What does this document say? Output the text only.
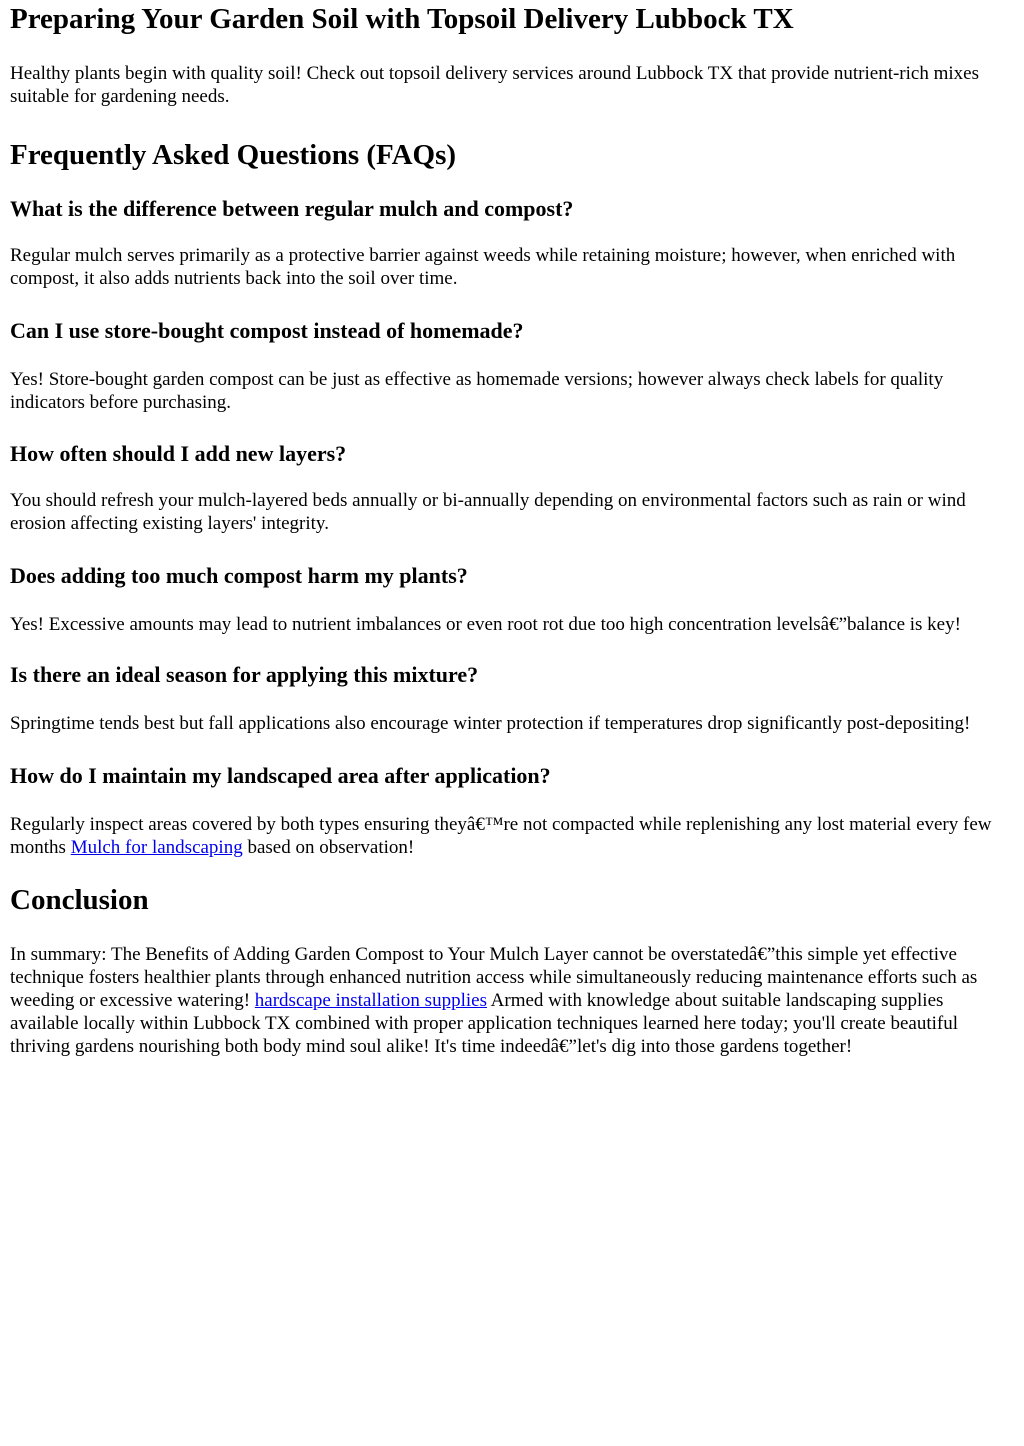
Preparing Your Garden Soil with Topsoil Delivery Lubbock TX

Healthy plants begin with quality soil! Check out topsoil delivery services around Lubbock TX that provide nutrient-rich mixes suitable for gardening needs.

Frequently Asked Questions (FAQs)
What is the difference between regular mulch and compost?

Regular mulch serves primarily as a protective barrier against weeds while retaining moisture; however, when enriched with compost, it also adds nutrients back into the soil over time.

Can I use store-bought compost instead of homemade?

Yes! Store-bought garden compost can be just as effective as homemade versions; however always check labels for quality indicators before purchasing.

How often should I add new layers?

You should refresh your mulch-layered beds annually or bi-annually depending on environmental factors such as rain or wind erosion affecting existing layers' integrity.

Does adding too much compost harm my plants?

Yes! Excessive amounts may lead to nutrient imbalances or even root rot due too high concentration levelsâ€”balance is key!

Is there an ideal season for applying this mixture?

Springtime tends best but fall applications also encourage winter protection if temperatures drop significantly post-depositing!

How do I maintain my landscaped area after application?

Regularly inspect areas covered by both types ensuring theyâ€™re not compacted while replenishing any lost material every few months Mulch for landscaping based on observation!

Conclusion

In summary: The Benefits of Adding Garden Compost to Your Mulch Layer cannot be overstatedâ€”this simple yet effective technique fosters healthier plants through enhanced nutrition access while simultaneously reducing maintenance efforts such as weeding or excessive watering! hardscape installation supplies Armed with knowledge about suitable landscaping supplies available locally within Lubbock TX combined with proper application techniques learned here today; you'll create beautiful thriving gardens nourishing both body mind soul alike! It's time indeedâ€”let's dig into those gardens together!
